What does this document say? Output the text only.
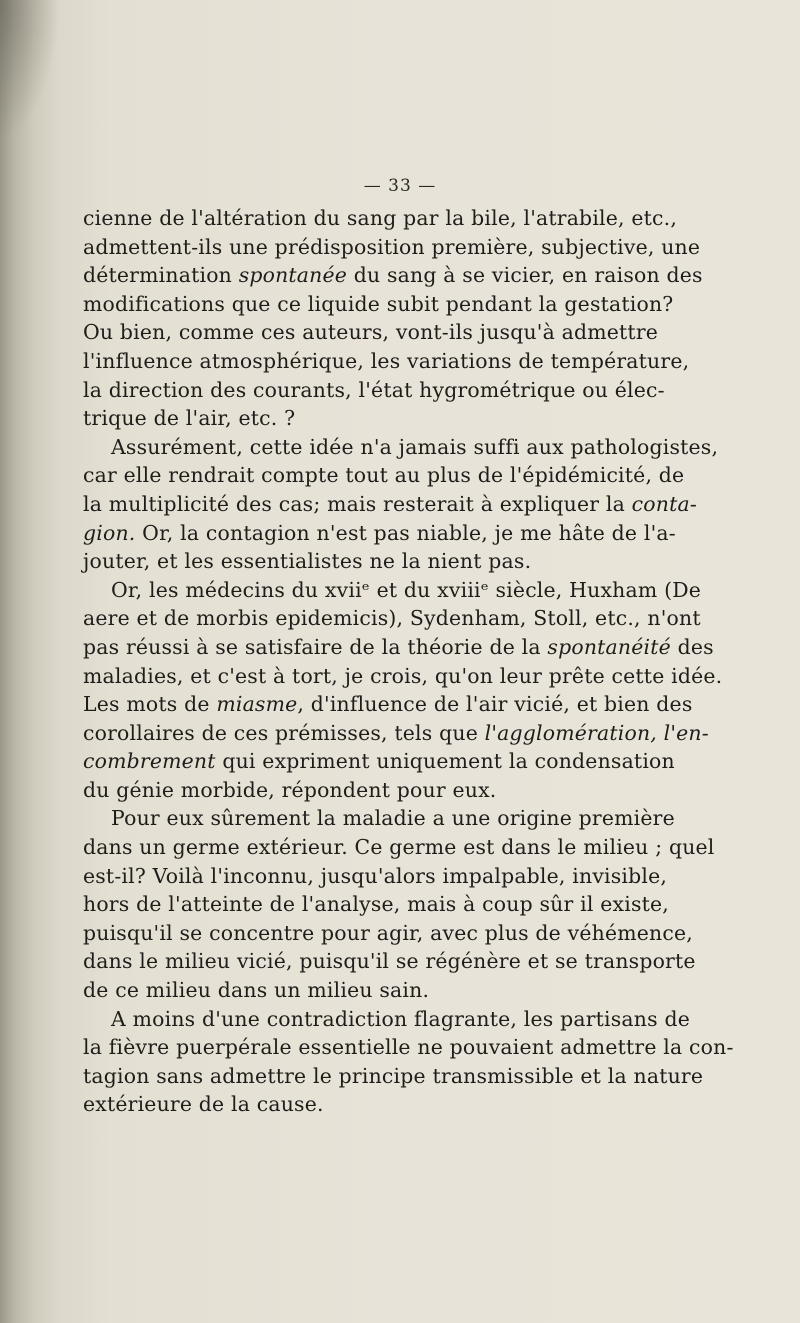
— 33 —
cienne de l'altération du sang par la bile, l'atrabile, etc.,
admettent-ils une prédisposition première, subjective, une
détermination spontanée du sang à se vicier, en raison des
modifications que ce liquide subit pendant la gestation?
Ou bien, comme ces auteurs, vont-ils jusqu'à admettre
l'influence atmosphérique, les variations de température,
la direction des courants, l'état hygrométrique ou élec-
trique de l'air, etc. ?
Assurément, cette idée n'a jamais suffi aux pathologistes,
car elle rendrait compte tout au plus de l'épidémicité, de
la multiplicité des cas; mais resterait à expliquer la conta-
gion. Or, la contagion n'est pas niable, je me hâte de l'a-
jouter, et les essentialistes ne la nient pas.
Or, les médecins du xviiᵉ et du xviiiᵉ siècle, Huxham (De
aere et de morbis epidemicis), Sydenham, Stoll, etc., n'ont
pas réussi à se satisfaire de la théorie de la spontanéité des
maladies, et c'est à tort, je crois, qu'on leur prête cette idée.
Les mots de miasme, d'influence de l'air vicié, et bien des
corollaires de ces prémisses, tels que l'agglomération, l'en-
combrement qui expriment uniquement la condensation
du génie morbide, répondent pour eux.
Pour eux sûrement la maladie a une origine première
dans un germe extérieur. Ce germe est dans le milieu ; quel
est-il? Voilà l'inconnu, jusqu'alors impalpable, invisible,
hors de l'atteinte de l'analyse, mais à coup sûr il existe,
puisqu'il se concentre pour agir, avec plus de véhémence,
dans le milieu vicié, puisqu'il se régénère et se transporte
de ce milieu dans un milieu sain.
A moins d'une contradiction flagrante, les partisans de
la fièvre puerpérale essentielle ne pouvaient admettre la con-
tagion sans admettre le principe transmissible et la nature
extérieure de la cause.
